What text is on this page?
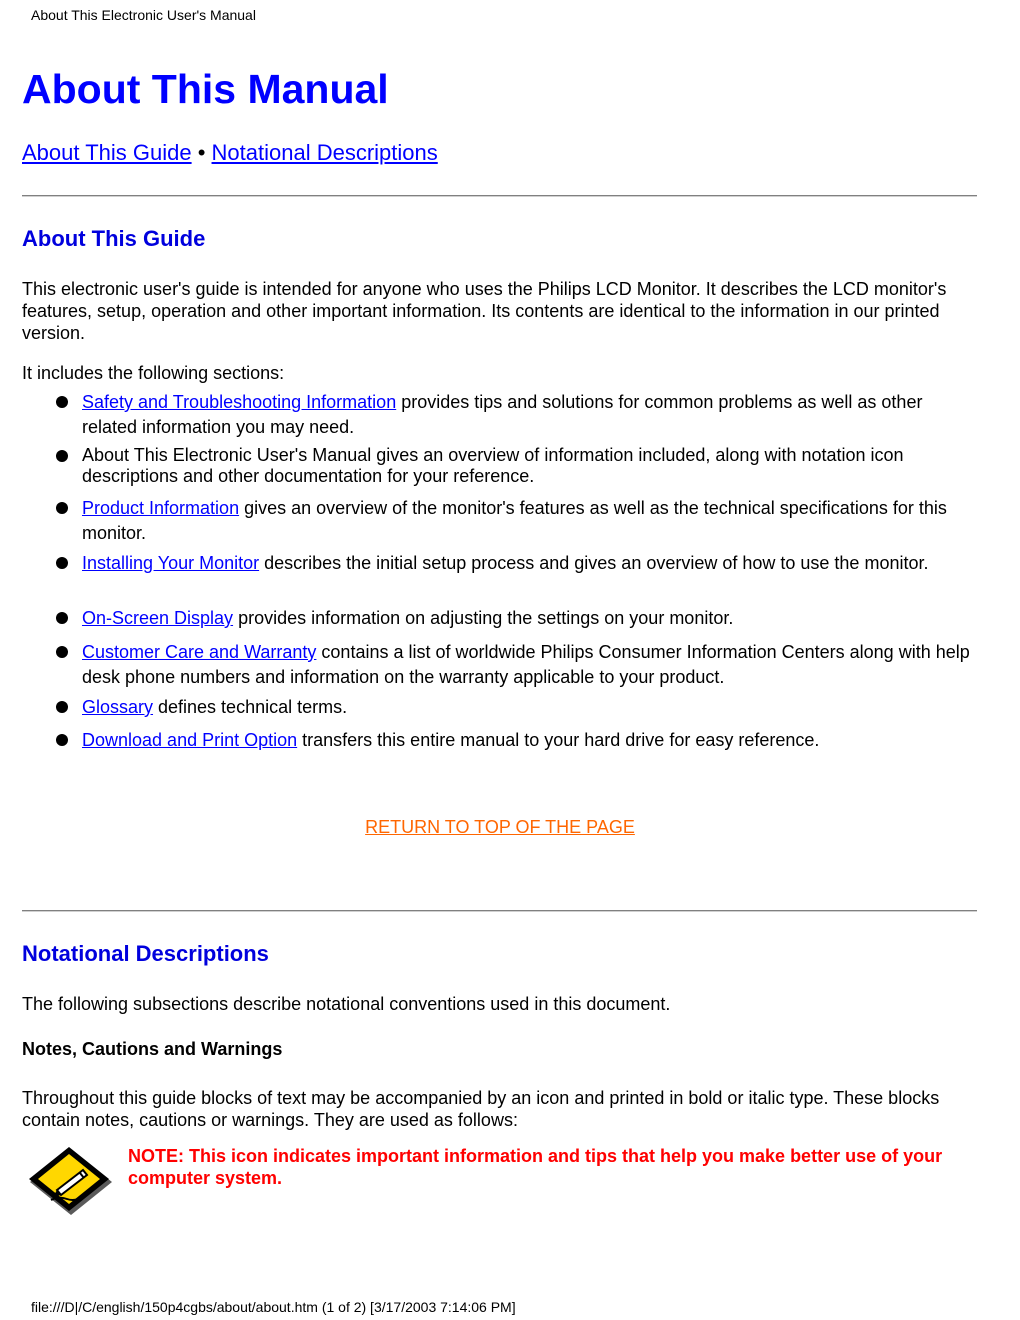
About This Electronic User's Manual
About This Manual
About This Guide • Notational Descriptions
About This Guide

This electronic user's guide is intended for anyone who uses the Philips LCD Monitor. It describes the LCD monitor's features, setup, operation and other important information. Its contents are identical to the information in our printed version.

It includes the following sections:

Safety and Troubleshooting Information provides tips and solutions for common problems as well as other related information you may need.
About This Electronic User's Manual gives an overview of information included, along with notation icon descriptions and other documentation for your reference.
Product Information gives an overview of the monitor's features as well as the technical specifications for this monitor.
Installing Your Monitor describes the initial setup process and gives an overview of how to use the monitor.
On-Screen Display provides information on adjusting the settings on your monitor.
Customer Care and Warranty contains a list of worldwide Philips Consumer Information Centers along with help desk phone numbers and information on the warranty applicable to your product.
Glossary defines technical terms.
Download and Print Option transfers this entire manual to your hard drive for easy reference.
RETURN TO TOP OF THE PAGE
Notational Descriptions

The following subsections describe notational conventions used in this document.

Notes, Cautions and Warnings

Throughout this guide blocks of text may be accompanied by an icon and printed in bold or italic type. These blocks contain notes, cautions or warnings. They are used as follows:

NOTE: This icon indicates important information and tips that help you make better use of your computer system.

file:///D|/C/english/150p4cgbs/about/about.htm (1 of 2) [3/17/2003 7:14:06 PM]
